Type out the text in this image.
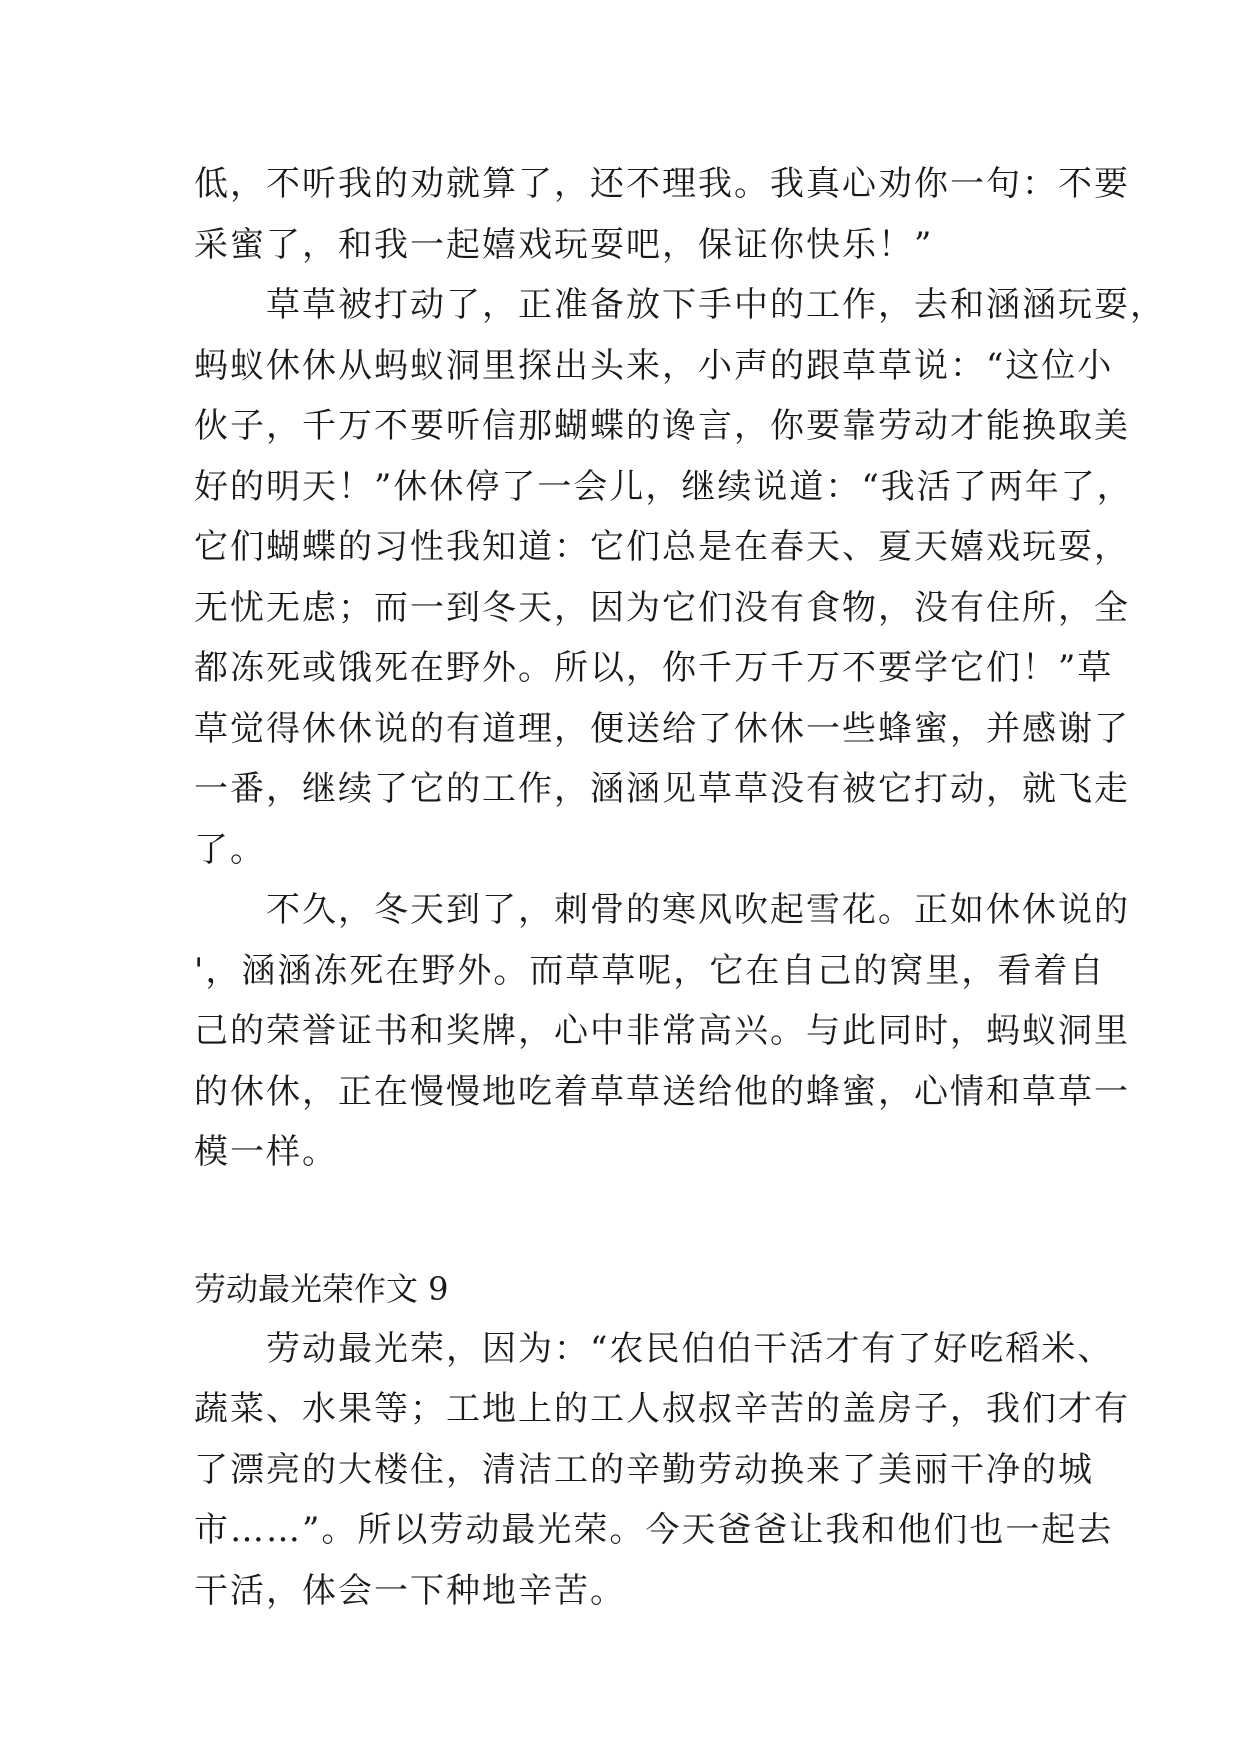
低，不听我的劝就算了，还不理我。我真心劝你一句：不要
采蜜了，和我一起嬉戏玩耍吧，保证你快乐！”
　　草草被打动了，正准备放下手中的工作，去和涵涵玩耍，
蚂蚁休休从蚂蚁洞里探出头来，小声的跟草草说：“这位小
伙子，千万不要听信那蝴蝶的谗言，你要靠劳动才能换取美
好的明天！”休休停了一会儿，继续说道：“我活了两年了，
它们蝴蝶的习性我知道：它们总是在春天、夏天嬉戏玩耍，
无忧无虑；而一到冬天，因为它们没有食物，没有住所，全
都冻死或饿死在野外。所以，你千万千万不要学它们！”草
草觉得休休说的有道理，便送给了休休一些蜂蜜，并感谢了
一番，继续了它的工作，涵涵见草草没有被它打动，就飞走
了。
　　不久，冬天到了，刺骨的寒风吹起雪花。正如休休说的
'，涵涵冻死在野外。而草草呢，它在自己的窝里，看着自
己的荣誉证书和奖牌，心中非常高兴。与此同时，蚂蚁洞里
的休休，正在慢慢地吃着草草送给他的蜂蜜，心情和草草一
模一样。
劳动最光荣作文 9
　　劳动最光荣，因为：“农民伯伯干活才有了好吃稻米、
蔬菜、水果等；工地上的工人叔叔辛苦的盖房子，我们才有
了漂亮的大楼住，清洁工的辛勤劳动换来了美丽干净的城
市……”。所以劳动最光荣。今天爸爸让我和他们也一起去
干活，体会一下种地辛苦。
